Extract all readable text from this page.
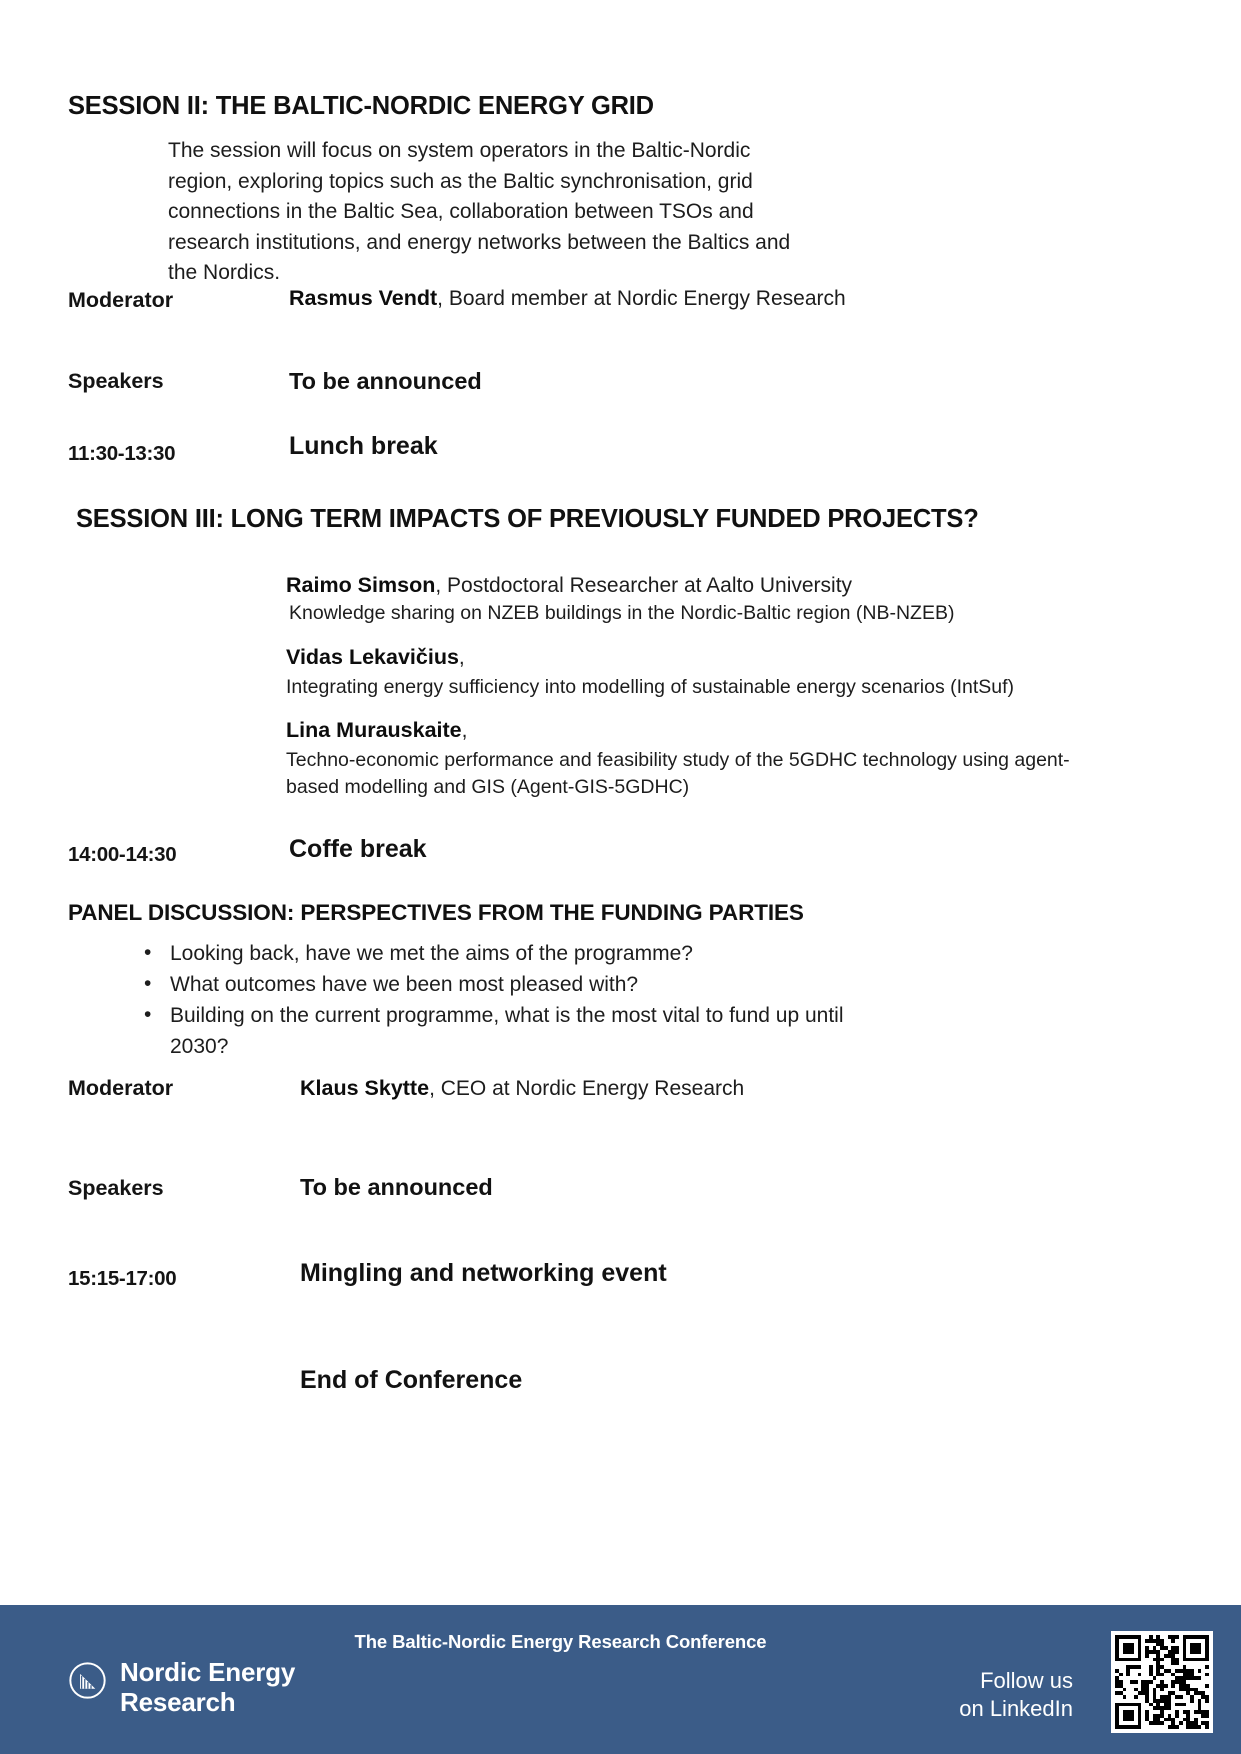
SESSION II: THE BALTIC-NORDIC ENERGY GRID
The session will focus on system operators in the Baltic-Nordic region, exploring topics such as the Baltic synchronisation, grid connections in the Baltic Sea, collaboration between TSOs and research institutions, and energy networks between the Baltics and the Nordics.
Moderator	Rasmus Vendt, Board member at Nordic Energy Research
Speakers	To be announced
11:30-13:30	Lunch break
SESSION III: LONG TERM IMPACTS OF PREVIOUSLY FUNDED PROJECTS?
Raimo Simson, Postdoctoral Researcher at Aalto University
Knowledge sharing on NZEB buildings in the Nordic-Baltic region (NB-NZEB)
Vidas Lekavičius,
Integrating energy sufficiency into modelling of sustainable energy scenarios (IntSuf)
Lina Murauskaite,
Techno-economic performance and feasibility study of the 5GDHC technology using agent-based modelling and GIS (Agent-GIS-5GDHC)
14:00-14:30	Coffe break
PANEL DISCUSSION: PERSPECTIVES FROM THE FUNDING PARTIES
• Looking back, have we met the aims of the programme?
• What outcomes have we been most pleased with?
• Building on the current programme, what is the most vital to fund up until 2030?
Moderator	Klaus Skytte, CEO at Nordic Energy Research
Speakers	To be announced
15:15-17:00	Mingling and networking event
End of Conference
The Baltic-Nordic Energy Research Conference
Nordic Energy
Research
Follow us
on LinkedIn
